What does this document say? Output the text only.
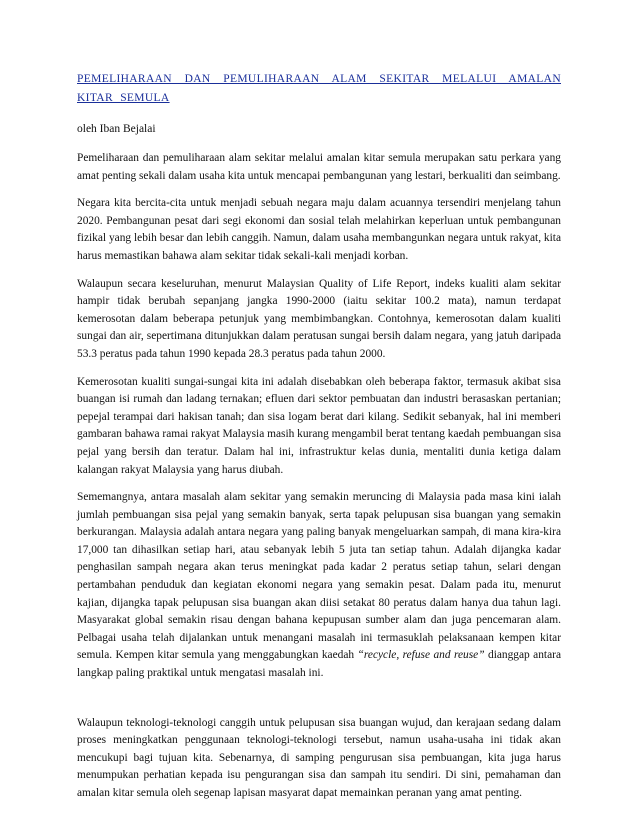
PEMELIHARAAN DAN PEMULIHARAAN ALAM SEKITAR MELALUI AMALAN KITAR SEMULA

oleh Iban Bejalai

Pemeliharaan dan pemuliharaan alam sekitar melalui amalan kitar semula merupakan satu perkara yang amat penting sekali dalam usaha kita untuk mencapai pembangunan yang lestari, berkualiti dan seimbang.

Negara kita bercita-cita untuk menjadi sebuah negara maju dalam acuannya tersendiri menjelang tahun 2020. Pembangunan pesat dari segi ekonomi dan sosial telah melahirkan keperluan untuk pembangunan fizikal yang lebih besar dan lebih canggih. Namun, dalam usaha membangunkan negara untuk rakyat, kita harus memastikan bahawa alam sekitar tidak sekali-kali menjadi korban.

Walaupun secara keseluruhan, menurut Malaysian Quality of Life Report, indeks kualiti alam sekitar hampir tidak berubah sepanjang jangka 1990-2000 (iaitu sekitar 100.2 mata), namun terdapat kemerosotan dalam beberapa petunjuk yang membimbangkan. Contohnya, kemerosotan dalam kualiti sungai dan air, sepertimana ditunjukkan dalam peratusan sungai bersih dalam negara, yang jatuh daripada 53.3 peratus pada tahun 1990 kepada 28.3 peratus pada tahun 2000.

Kemerosotan kualiti sungai-sungai kita ini adalah disebabkan oleh beberapa faktor, termasuk akibat sisa buangan isi rumah dan ladang ternakan; efluen dari sektor pembuatan dan industri berasaskan pertanian; pepejal terampai dari hakisan tanah; dan sisa logam berat dari kilang. Sedikit sebanyak, hal ini memberi gambaran bahawa ramai rakyat Malaysia masih kurang mengambil berat tentang kaedah pembuangan sisa pejal yang bersih dan teratur. Dalam hal ini, infrastruktur kelas dunia, mentaliti dunia ketiga dalam kalangan rakyat Malaysia yang harus diubah.

Sememangnya, antara masalah alam sekitar yang semakin meruncing di Malaysia pada masa kini ialah jumlah pembuangan sisa pejal yang semakin banyak, serta tapak pelupusan sisa buangan yang semakin berkurangan. Malaysia adalah antara negara yang paling banyak mengeluarkan sampah, di mana kira-kira 17,000 tan dihasilkan setiap hari, atau sebanyak lebih 5 juta tan setiap tahun. Adalah dijangka kadar penghasilan sampah negara akan terus meningkat pada kadar 2 peratus setiap tahun, selari dengan pertambahan penduduk dan kegiatan ekonomi negara yang semakin pesat. Dalam pada itu, menurut kajian, dijangka tapak pelupusan sisa buangan akan diisi setakat 80 peratus dalam hanya dua tahun lagi. Masyarakat global semakin risau dengan bahana kepupusan sumber alam dan juga pencemaran alam. Pelbagai usaha telah dijalankan untuk menangani masalah ini termasuklah pelaksanaan kempen kitar semula. Kempen kitar semula yang menggabungkan kaedah “recycle, refuse and reuse” dianggap antara langkap paling praktikal untuk mengatasi masalah ini.

Walaupun teknologi-teknologi canggih untuk pelupusan sisa buangan wujud, dan kerajaan sedang dalam proses meningkatkan penggunaan teknologi-teknologi tersebut, namun usaha-usaha ini tidak akan mencukupi bagi tujuan kita. Sebenarnya, di samping pengurusan sisa pembuangan, kita juga harus menumpukan perhatian kepada isu pengurangan sisa dan sampah itu sendiri. Di sini, pemahaman dan amalan kitar semula oleh segenap lapisan masyarat dapat memainkan peranan yang amat penting.
